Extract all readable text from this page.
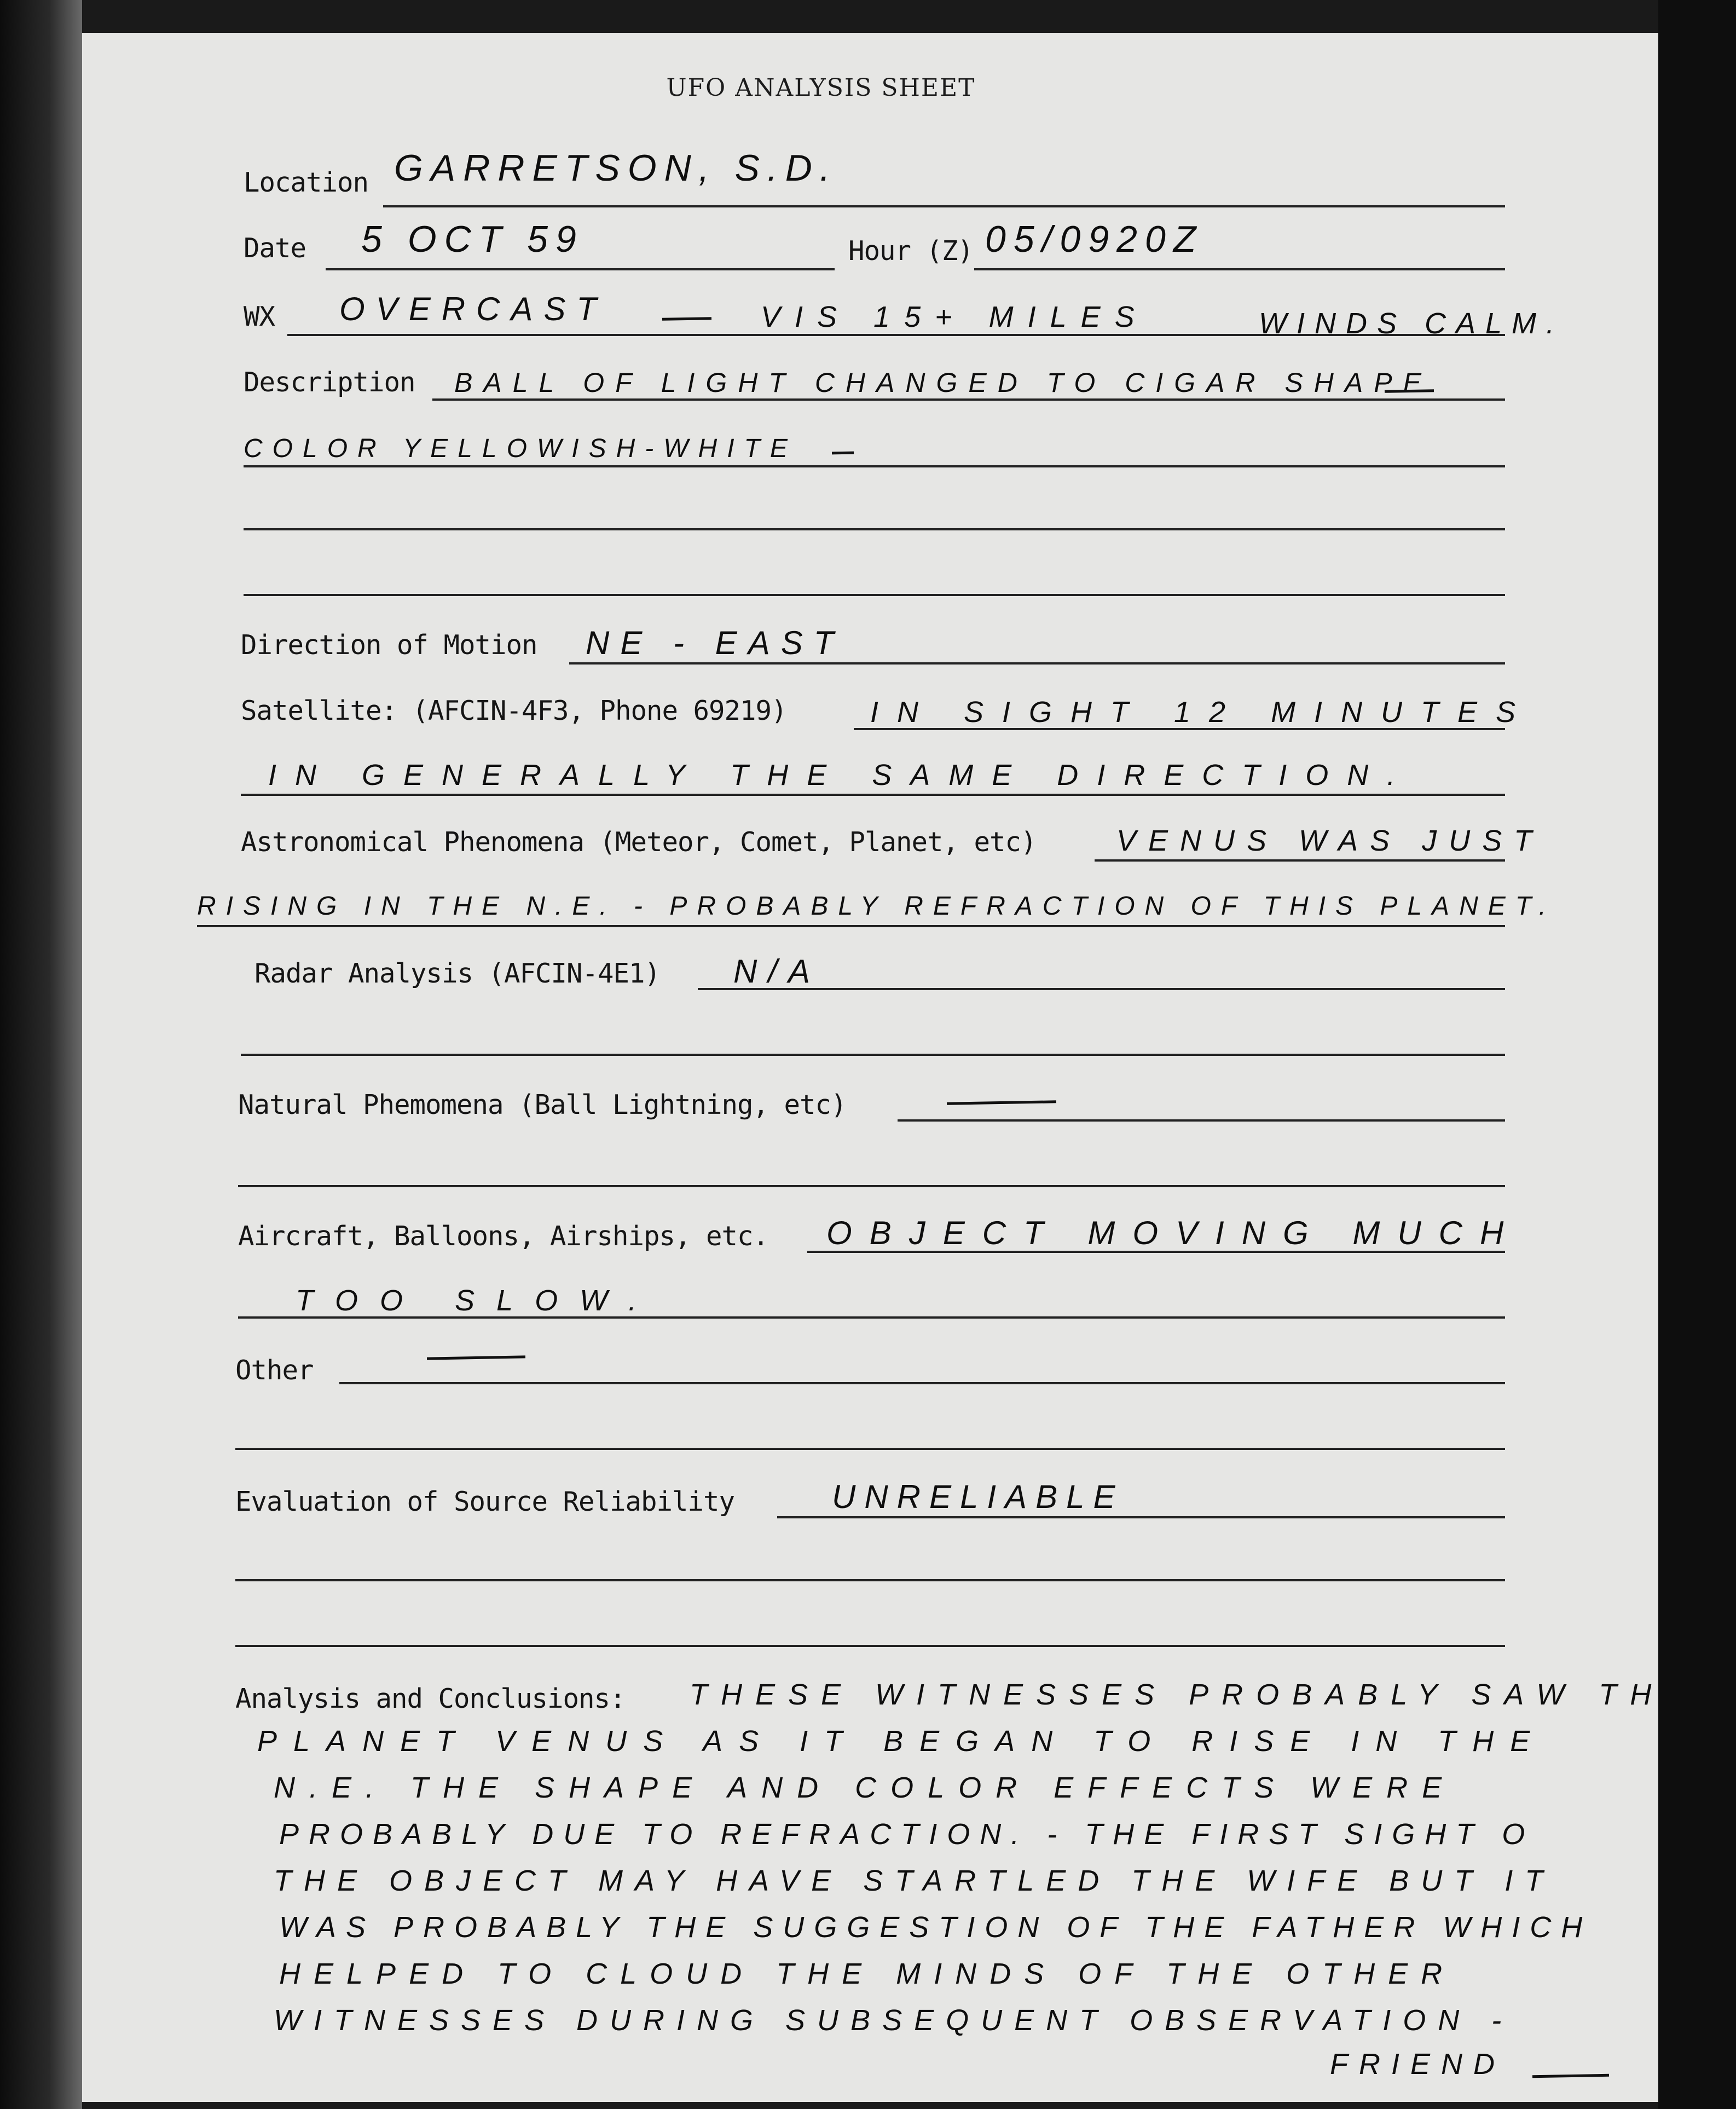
UFO ANALYSIS SHEET
Location GARRETSON, S.D.
Date 5 OCT 59	Hour (Z) 05/0920Z
WX OVERCAST	VIS 15+ MILES	WINDS CALM.
Description BALL OF LIGHT CHANGED TO CIGAR SHAPE
COLOR YELLOWISH-WHITE
Direction of Motion NE - EAST
Satellite: (AFCIN-4F3, Phone 69219)	IN SIGHT 12 MINUTES
IN GENERALLY THE SAME DIRECTION.
Astronomical Phenomena (Meteor, Comet, Planet, etc)	VENUS WAS JUST
RISING IN THE N.E. - PROBABLY REFRACTION OF THIS PLANET.
Radar Analysis (AFCIN-4E1) N/A
Natural Phemomena (Ball Lightning, etc)
Aircraft, Balloons, Airships, etc. OBJECT MOVING MUCH
TOO SLOW.
Other
Evaluation of Source Reliability	UNRELIABLE
Analysis and Conclusions: THESE WITNESSES PROBABLY SAW THE
PLANET VENUS AS IT BEGAN TO RISE IN THE
N.E. THE SHAPE AND COLOR EFFECTS WERE
PROBABLY DUE TO REFRACTION. - THE FIRST SIGHT O
THE OBJECT MAY HAVE STARTLED THE WIFE BUT IT
WAS PROBABLY THE SUGGESTION OF THE FATHER WHICH
HELPED TO CLOUD THE MINDS OF THE OTHER
WITNESSES DURING SUBSEQUENT OBSERVATION -
FRIEND
